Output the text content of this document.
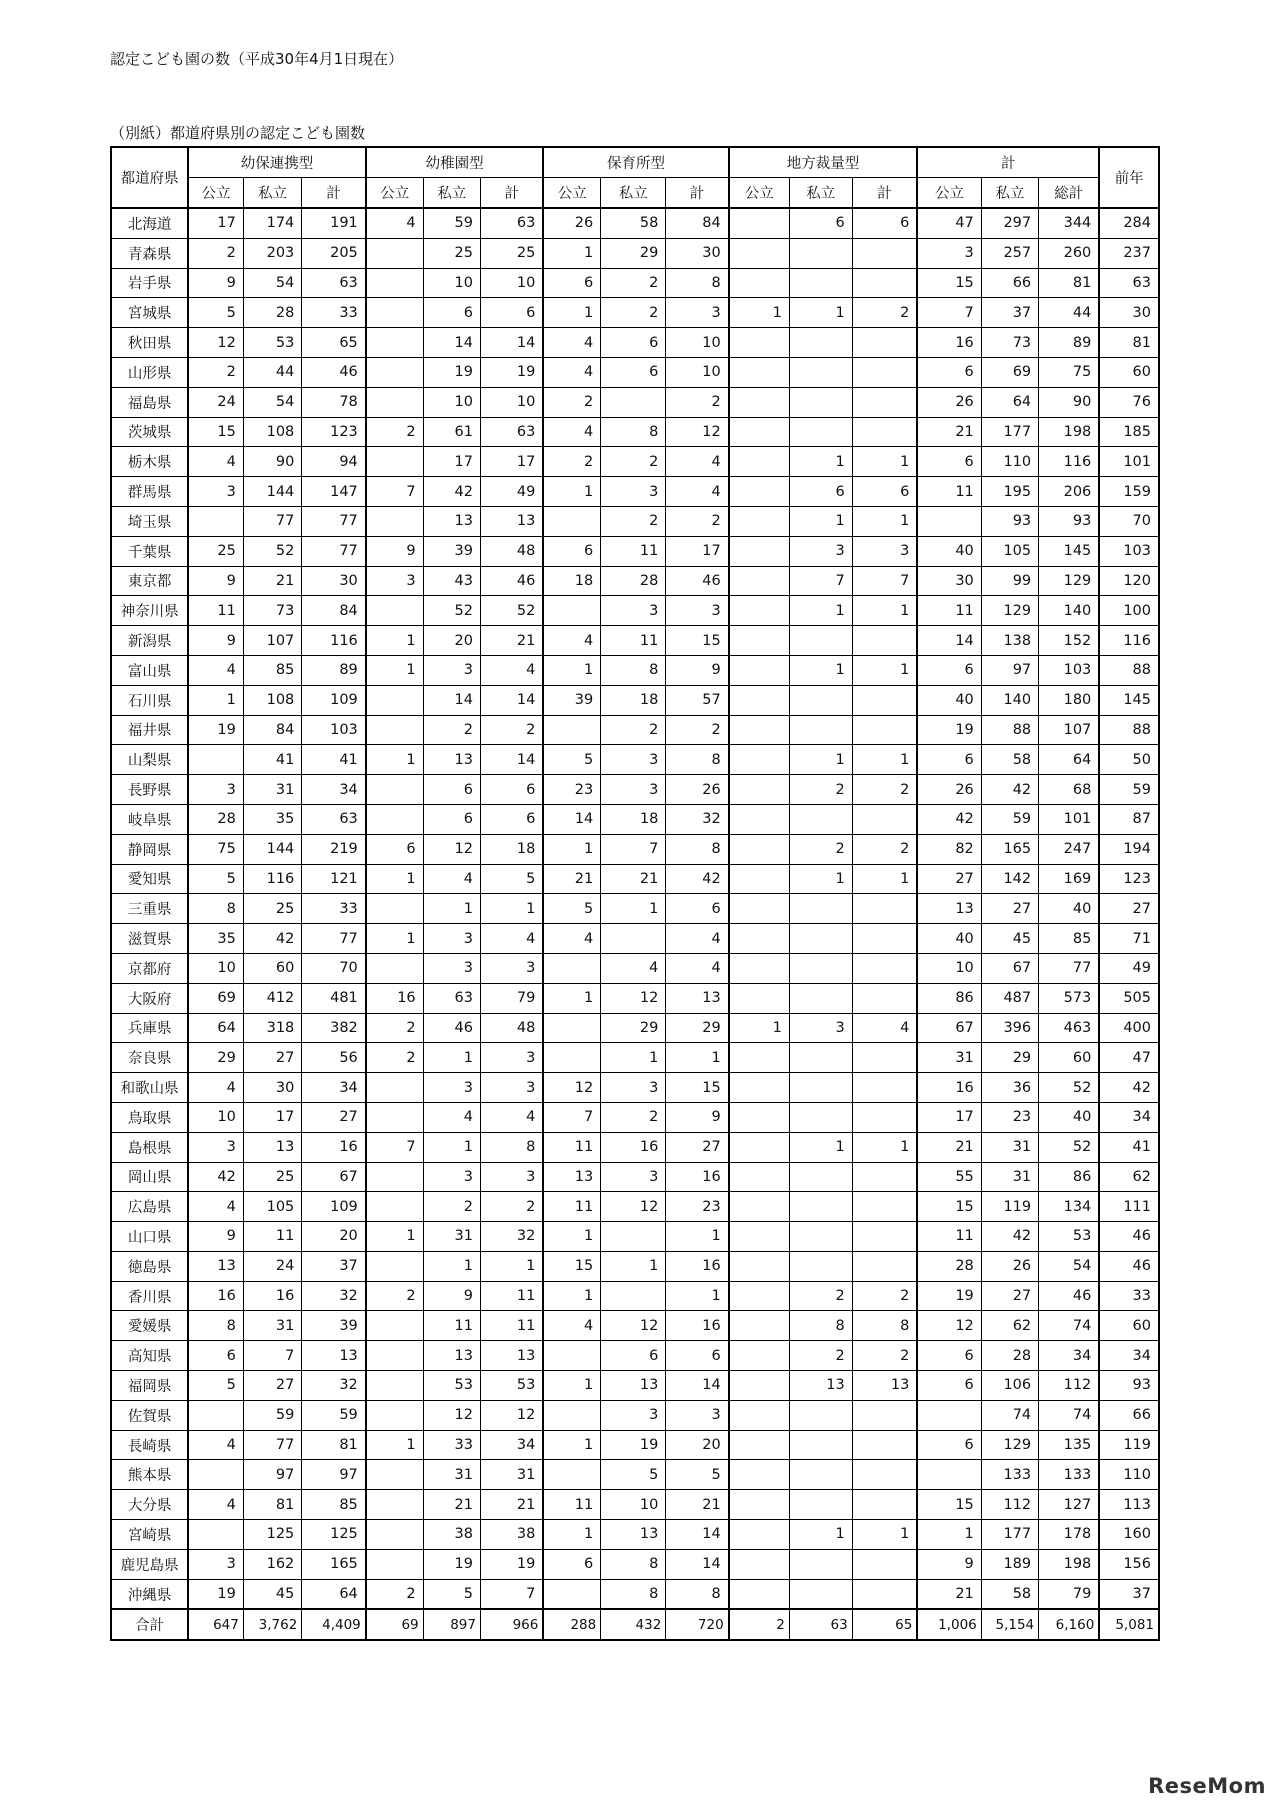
認定こども園の数（平成30年4月1日現在）
（別紙）都道府県別の認定こども園数
都道府県	幼保連携型			幼稚園型			保育所型			地方裁量型			計			前年
	公立	私立	計	公立	私立	計	公立	私立	計	公立	私立	計	公立	私立	総計	
北海道	17	174	191	4	59	63	26	58	84		6	6	47	297	344	284
青森県	2	203	205		25	25	1	29	30				3	257	260	237
岩手県	9	54	63		10	10	6	2	8				15	66	81	63
宮城県	5	28	33		6	6	1	2	3	1	1	2	7	37	44	30
秋田県	12	53	65		14	14	4	6	10				16	73	89	81
山形県	2	44	46		19	19	4	6	10				6	69	75	60
福島県	24	54	78		10	10	2		2				26	64	90	76
茨城県	15	108	123	2	61	63	4	8	12				21	177	198	185
栃木県	4	90	94		17	17	2	2	4		1	1	6	110	116	101
群馬県	3	144	147	7	42	49	1	3	4		6	6	11	195	206	159
埼玉県		77	77		13	13		2	2		1	1		93	93	70
千葉県	25	52	77	9	39	48	6	11	17		3	3	40	105	145	103
東京都	9	21	30	3	43	46	18	28	46		7	7	30	99	129	120
神奈川県	11	73	84		52	52		3	3		1	1	11	129	140	100
新潟県	9	107	116	1	20	21	4	11	15				14	138	152	116
富山県	4	85	89	1	3	4	1	8	9		1	1	6	97	103	88
石川県	1	108	109		14	14	39	18	57				40	140	180	145
福井県	19	84	103		2	2		2	2				19	88	107	88
山梨県		41	41	1	13	14	5	3	8		1	1	6	58	64	50
長野県	3	31	34		6	6	23	3	26		2	2	26	42	68	59
岐阜県	28	35	63		6	6	14	18	32				42	59	101	87
静岡県	75	144	219	6	12	18	1	7	8		2	2	82	165	247	194
愛知県	5	116	121	1	4	5	21	21	42		1	1	27	142	169	123
三重県	8	25	33		1	1	5	1	6				13	27	40	27
滋賀県	35	42	77	1	3	4	4		4				40	45	85	71
京都府	10	60	70		3	3		4	4				10	67	77	49
大阪府	69	412	481	16	63	79	1	12	13				86	487	573	505
兵庫県	64	318	382	2	46	48		29	29	1	3	4	67	396	463	400
奈良県	29	27	56	2	1	3		1	1				31	29	60	47
和歌山県	4	30	34		3	3	12	3	15				16	36	52	42
鳥取県	10	17	27		4	4	7	2	9				17	23	40	34
島根県	3	13	16	7	1	8	11	16	27		1	1	21	31	52	41
岡山県	42	25	67		3	3	13	3	16				55	31	86	62
広島県	4	105	109		2	2	11	12	23				15	119	134	111
山口県	9	11	20	1	31	32	1		1				11	42	53	46
徳島県	13	24	37		1	1	15	1	16				28	26	54	46
香川県	16	16	32	2	9	11	1		1		2	2	19	27	46	33
愛媛県	8	31	39		11	11	4	12	16		8	8	12	62	74	60
高知県	6	7	13		13	13		6	6		2	2	6	28	34	34
福岡県	5	27	32		53	53	1	13	14		13	13	6	106	112	93
佐賀県		59	59		12	12		3	3					74	74	66
長崎県	4	77	81	1	33	34	1	19	20				6	129	135	119
熊本県		97	97		31	31		5	5					133	133	110
大分県	4	81	85		21	21	11	10	21				15	112	127	113
宮崎県		125	125		38	38	1	13	14		1	1	1	177	178	160
鹿児島県	3	162	165		19	19	6	8	14				9	189	198	156
沖縄県	19	45	64	2	5	7		8	8				21	58	79	37
合計	647	3,762	4,409	69	897	966	288	432	720	2	63	65	1,006	5,154	6,160	5,081
ReseMom
